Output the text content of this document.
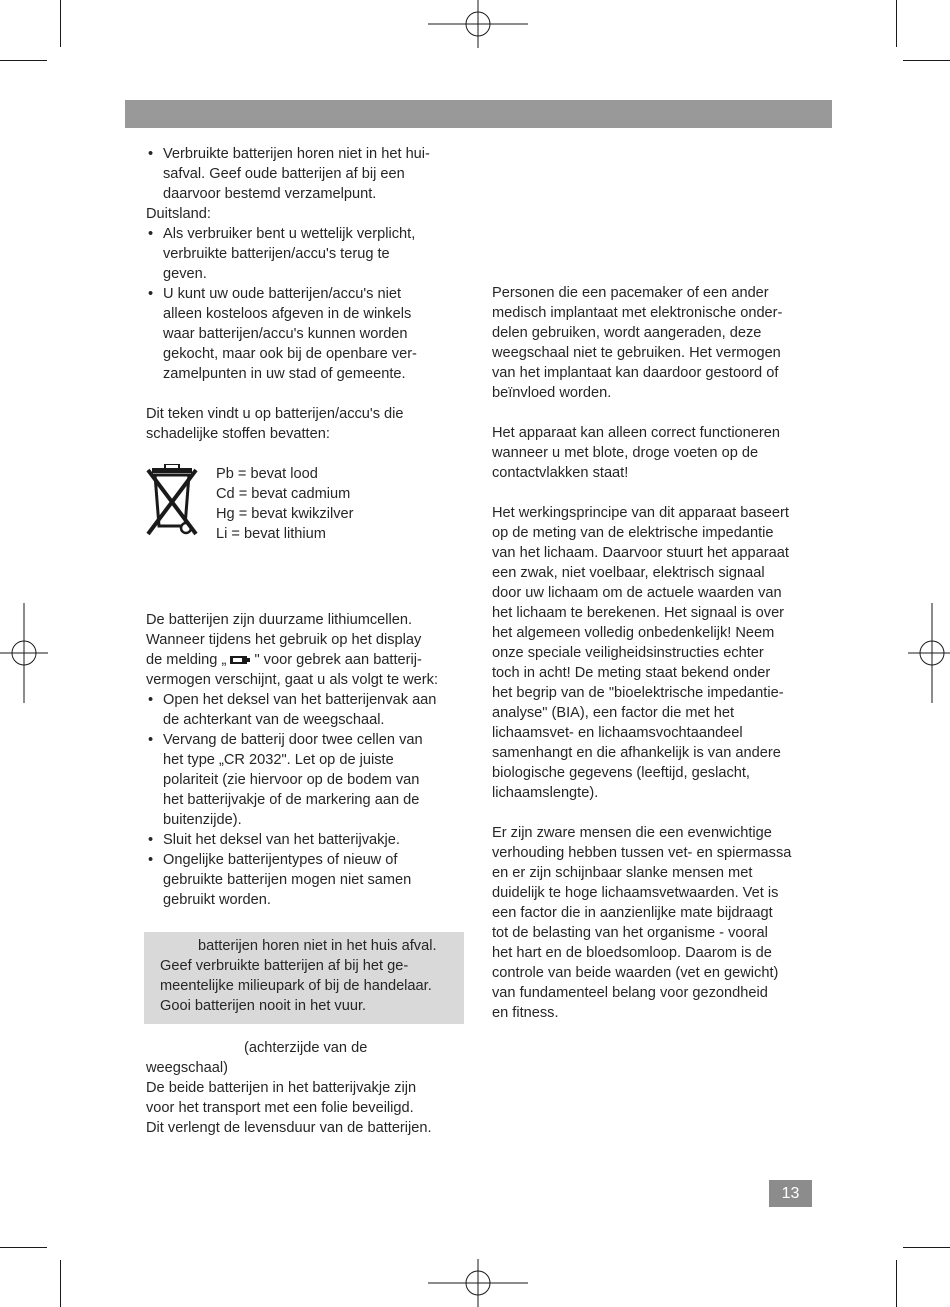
• Verbruikte batterijen horen niet in het hui-
safval. Geef oude batterijen af bij een
daarvoor bestemd verzamelpunt.

Duitsland:

• Als verbruiker bent u wettelijk verplicht,
verbruikte batterijen/accu's terug te
geven.

• U kunt uw oude batterijen/accu's niet
alleen kosteloos afgeven in de winkels
waar batterijen/accu's kunnen worden
gekocht, maar ook bij de openbare ver-
zamelpunten in uw stad of gemeente.

Dit teken vindt u op batterijen/accu's die
schadelijke stoffen bevatten:

Pb = bevat lood

Cd = bevat cadmium

Hg = bevat kwikzilver

Li = bevat lithium

De batterijen zijn duurzame lithiumcellen.
Wanneer tijdens het gebruik op het display
de melding „ " voor gebrek aan batterij-
vermogen verschijnt, gaat u als volgt te werk:

• Open het deksel van het batterijenvak aan
de achterkant van de weegschaal.

• Vervang de batterij door twee cellen van
het type „CR 2032". Let op de juiste
polariteit (zie hiervoor op de bodem van
het batterijvakje of de markering aan de
buitenzijde).

• Sluit het deksel van het batterijvakje.

• Ongelijke batterijentypes of nieuw of
gebruikte batterijen mogen niet samen
gebruikt worden.

batterijen horen niet in het huis afval.

Geef verbruikte batterijen af bij het ge-
meentelijke milieupark of bij de handelaar.
Gooi batterijen nooit in het vuur.

(achterzijde van de

weegschaal)
De beide batterijen in het batterijvakje zijn
voor het transport met een folie beveiligd.
Dit verlengt de levensduur van de batterijen.

Personen die een pacemaker of een ander
medisch implantaat met elektronische onder-
delen gebruiken, wordt aangeraden, deze
weegschaal niet te gebruiken. Het vermogen
van het implantaat kan daardoor gestoord of
beïnvloed worden.

Het apparaat kan alleen correct functioneren
wanneer u met blote, droge voeten op de
contactvlakken staat!

Het werkingsprincipe van dit apparaat baseert
op de meting van de elektrische impedantie
van het lichaam. Daarvoor stuurt het apparaat
een zwak, niet voelbaar, elektrisch signaal
door uw lichaam om de actuele waarden van
het lichaam te berekenen. Het signaal is over
het algemeen volledig onbedenkelijk! Neem
onze speciale veiligheidsinstructies echter
toch in acht! De meting staat bekend onder
het begrip van de "bioelektrische impedantie-
analyse" (BIA), een factor die met het
lichaamsvet- en lichaamsvochtaandeel
samenhangt en die afhankelijk is van andere
biologische gegevens (leeftijd, geslacht,
lichaamslengte).

Er zijn zware mensen die een evenwichtige
verhouding hebben tussen vet- en spiermassa
en er zijn schijnbaar slanke mensen met
duidelijk te hoge lichaamsvetwaarden. Vet is
een factor die in aanzienlijke mate bijdraagt
tot de belasting van het organisme - vooral
het hart en de bloedsomloop. Daarom is de
controle van beide waarden (vet en gewicht)
van fundamenteel belang voor gezondheid
en fitness.

13
